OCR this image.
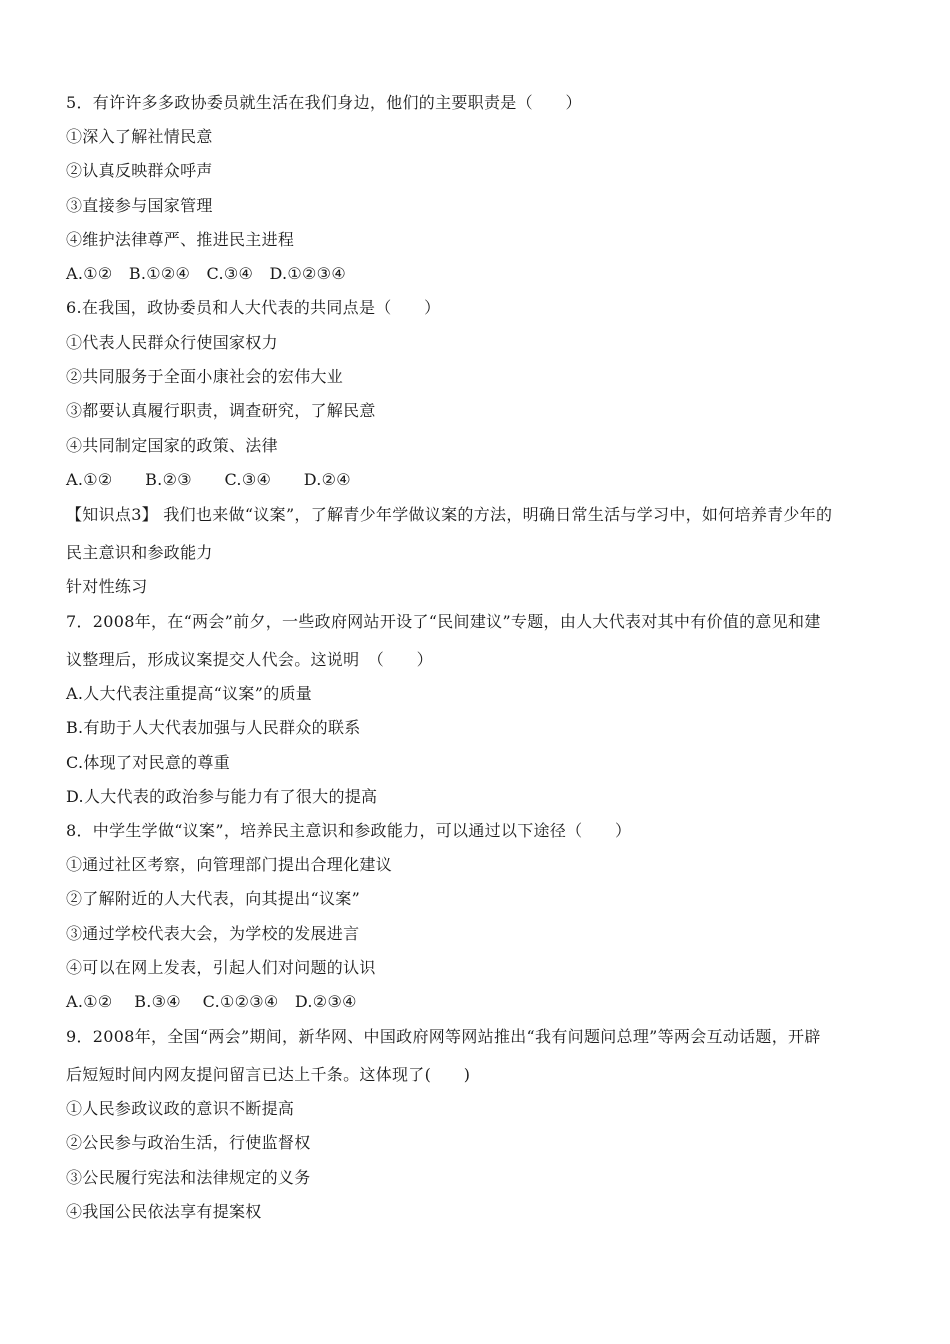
5．有许许多多政协委员就生活在我们身边，他们的主要职责是（　　）
①深入了解社情民意
②认真反映群众呼声
③直接参与国家管理
④维护法律尊严、推进民主进程
A.①②　B.①②④　C.③④　D.①②③④
6.在我国，政协委员和人大代表的共同点是（　　）
①代表人民群众行使国家权力
②共同服务于全面小康社会的宏伟大业
③都要认真履行职责，调查研究，了解民意
④共同制定国家的政策、法律
A.①②　　B.②③　　C.③④　　D.②④
【知识点3】 我们也来做“议案”，了解青少年学做议案的方法，明确日常生活与学习中，如何培养青少年的
民主意识和参政能力
针对性练习
7．2008年，在“两会”前夕，一些政府网站开设了“民间建议”专题，由人大代表对其中有价值的意见和建
议整理后，形成议案提交人代会。这说明　（　　）
A.人大代表注重提高“议案”的质量
B.有助于人大代表加强与人民群众的联系
C.体现了对民意的尊重
D.人大代表的政治参与能力有了很大的提高
8．中学生学做“议案”，培养民主意识和参政能力，可以通过以下途径（　　）
①通过社区考察，向管理部门提出合理化建议
②了解附近的人大代表，向其提出“议案”
③通过学校代表大会，为学校的发展进言
④可以在网上发表，引起人们对问题的认识
A.①②　 B.③④　 C.①②③④　D.②③④
9．2008年，全国“两会”期间，新华网、中国政府网等网站推出“我有问题问总理”等两会互动话题，开辟
后短短时间内网友提问留言已达上千条。这体现了(　　)
①人民参政议政的意识不断提高
②公民参与政治生活，行使监督权
③公民履行宪法和法律规定的义务
④我国公民依法享有提案权
